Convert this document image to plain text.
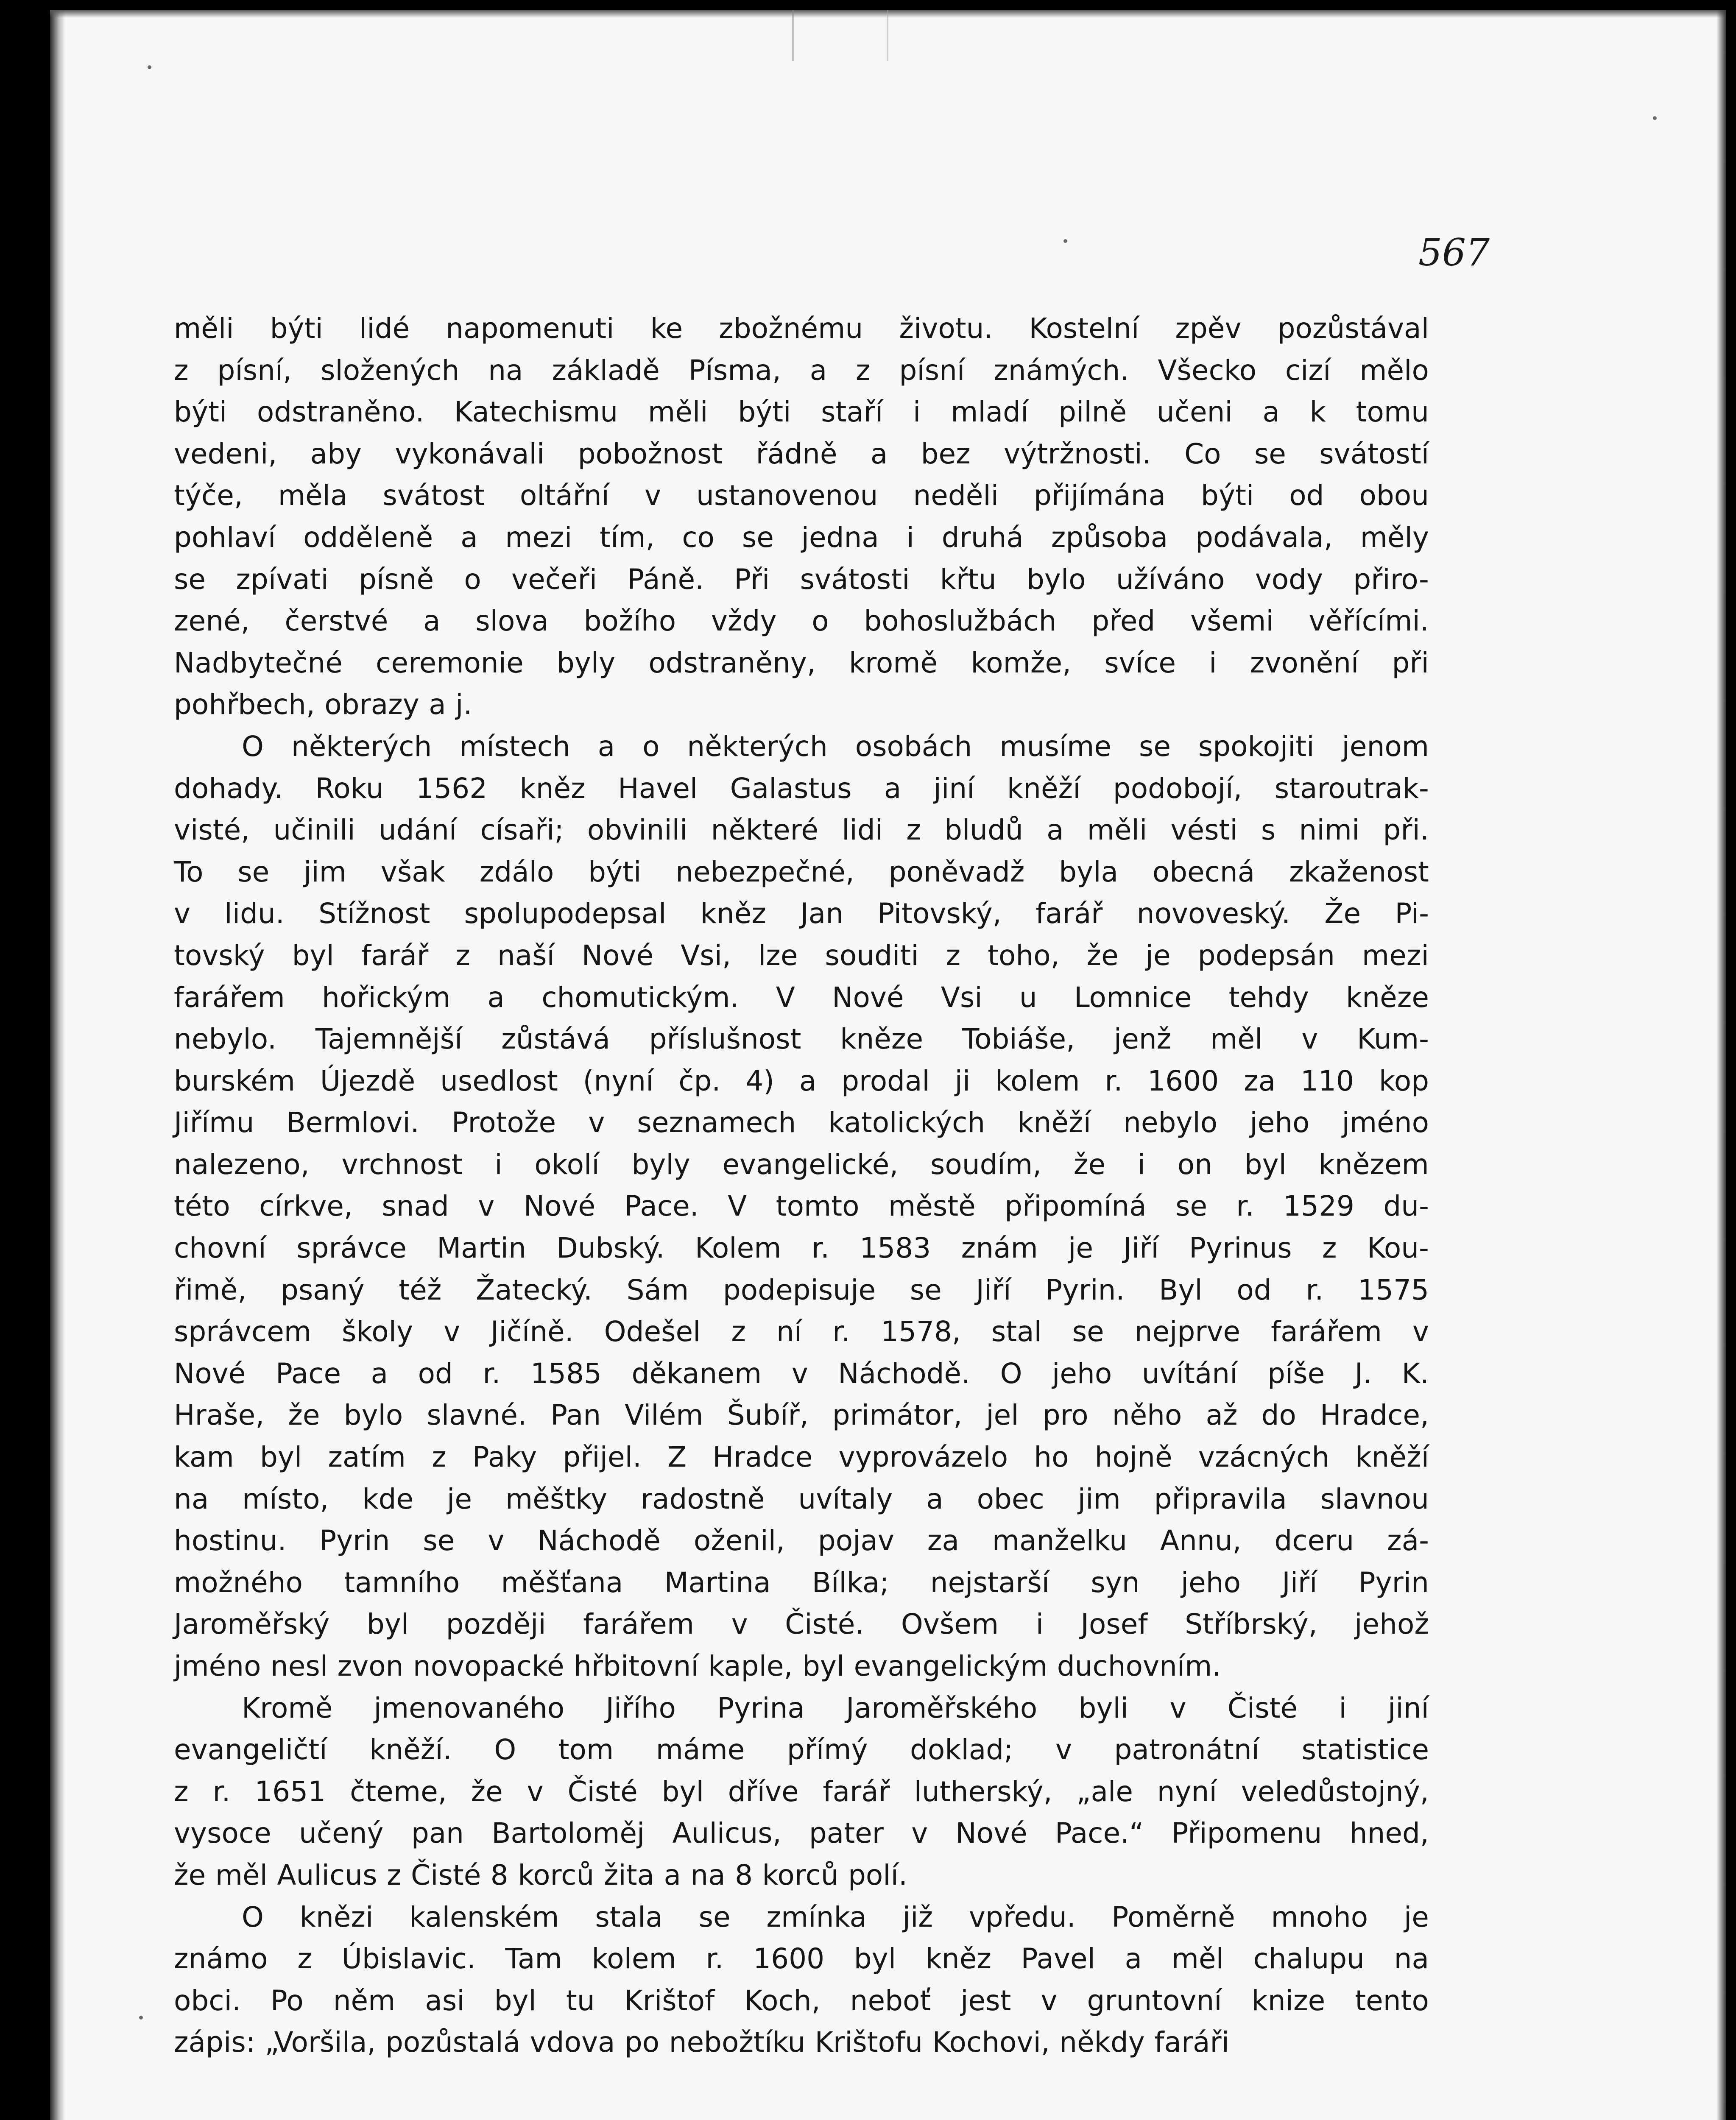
567
měli býti lidé napomenuti ke zbožnému životu. Kostelní zpěv pozůstával
z písní, složených na základě Písma, a z písní známých. Všecko cizí mělo
býti odstraněno. Katechismu měli býti staří i mladí pilně učeni a k tomu
vedeni, aby vykonávali pobožnost řádně a bez výtržnosti. Co se svátostí
týče, měla svátost oltářní v ustanovenou neděli přijímána býti od obou
pohlaví odděleně a mezi tím, co se jedna i druhá způsoba podávala, měly
se zpívati písně o večeři Páně. Při svátosti křtu bylo užíváno vody přiro-
zené, čerstvé a slova božího vždy o bohoslužbách před všemi věřícími.
Nadbytečné ceremonie byly odstraněny, kromě komže, svíce i zvonění při
pohřbech, obrazy a j.
O některých místech a o některých osobách musíme se spokojiti jenom
dohady. Roku 1562 kněz Havel Galastus a jiní kněží podobojí, staroutrak-
visté, učinili udání císaři; obvinili některé lidi z bludů a měli vésti s nimi při.
To se jim však zdálo býti nebezpečné, poněvadž byla obecná zkaženost
v lidu. Stížnost spolupodepsal kněz Jan Pitovský, farář novoveský. Že Pi-
tovský byl farář z naší Nové Vsi, lze souditi z toho, že je podepsán mezi
farářem hořickým a chomutickým. V Nové Vsi u Lomnice tehdy kněze
nebylo. Tajemnější zůstává příslušnost kněze Tobiáše, jenž měl v Kum-
burském Újezdě usedlost (nyní čp. 4) a prodal ji kolem r. 1600 za 110 kop
Jiřímu Bermlovi. Protože v seznamech katolických kněží nebylo jeho jméno
nalezeno, vrchnost i okolí byly evangelické, soudím, že i on byl knězem
této církve, snad v Nové Pace. V tomto městě připomíná se r. 1529 du-
chovní správce Martin Dubský. Kolem r. 1583 znám je Jiří Pyrinus z Kou-
řimě, psaný též Žatecký. Sám podepisuje se Jiří Pyrin. Byl od r. 1575
správcem školy v Jičíně. Odešel z ní r. 1578, stal se nejprve farářem v
Nové Pace a od r. 1585 děkanem v Náchodě. O jeho uvítání píše J. K.
Hraše, že bylo slavné. Pan Vilém Šubíř, primátor, jel pro něho až do Hradce,
kam byl zatím z Paky přijel. Z Hradce vyprovázelo ho hojně vzácných kněží
na místo, kde je měštky radostně uvítaly a obec jim připravila slavnou
hostinu. Pyrin se v Náchodě oženil, pojav za manželku Annu, dceru zá-
možného tamního měšťana Martina Bílka; nejstarší syn jeho Jiří Pyrin
Jaroměřský byl později farářem v Čisté. Ovšem i Josef Stříbrský, jehož
jméno nesl zvon novopacké hřbitovní kaple, byl evangelickým duchovním.
Kromě jmenovaného Jiřího Pyrina Jaroměřského byli v Čisté i jiní
evangeličtí kněží. O tom máme přímý doklad; v patronátní statistice
z r. 1651 čteme, že v Čisté byl dříve farář lutherský, „ale nyní veledůstojný,
vysoce učený pan Bartoloměj Aulicus, pater v Nové Pace.“ Připomenu hned,
že měl Aulicus z Čisté 8 korců žita a na 8 korců polí.
O knězi kalenském stala se zmínka již vpředu. Poměrně mnoho je
známo z Úbislavic. Tam kolem r. 1600 byl kněz Pavel a měl chalupu na
obci. Po něm asi byl tu Krištof Koch, neboť jest v gruntovní knize tento
zápis: „Voršila, pozůstalá vdova po nebožtíku Krištofu Kochovi, někdy faráři
